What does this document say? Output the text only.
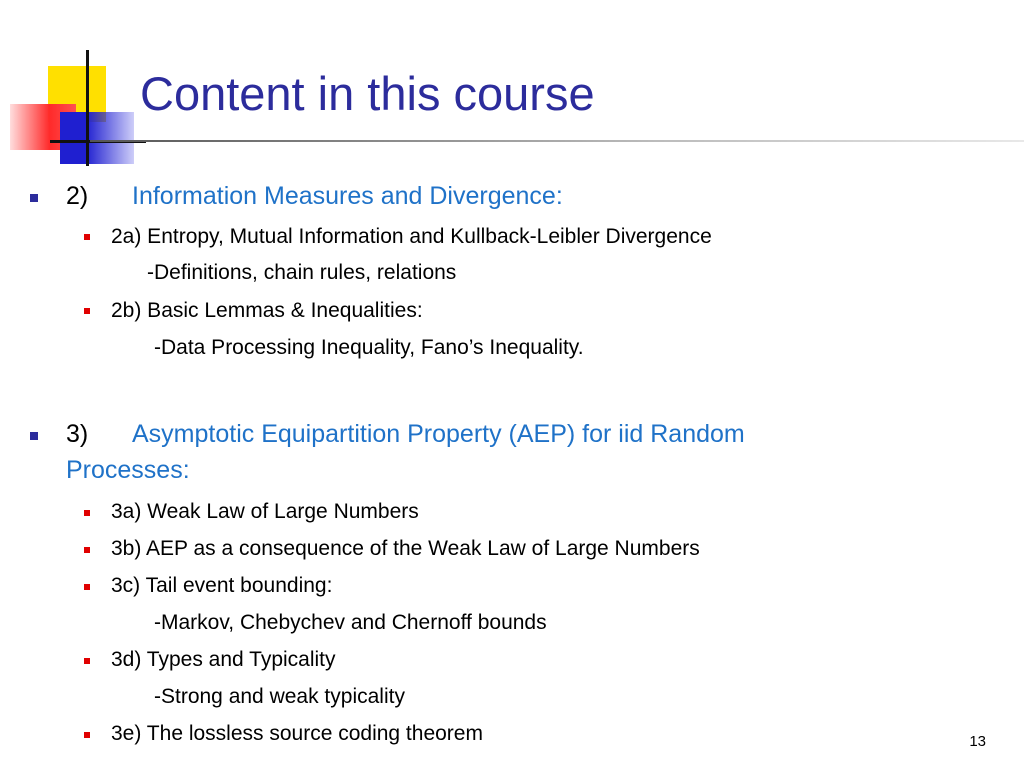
Content in this course
2) Information Measures and Divergence:
2a) Entropy, Mutual Information and Kullback-Leibler Divergence
-Definitions, chain rules, relations
2b) Basic Lemmas & Inequalities:
-Data Processing Inequality, Fano’s Inequality.
3) Asymptotic Equipartition Property (AEP) for iid Random
Processes:
3a) Weak Law of Large Numbers
3b) AEP as a consequence of the Weak Law of Large Numbers
3c) Tail event bounding:
-Markov, Chebychev and Chernoff bounds
3d) Types and Typicality
-Strong and weak typicality
3e) The lossless source coding theorem	13
